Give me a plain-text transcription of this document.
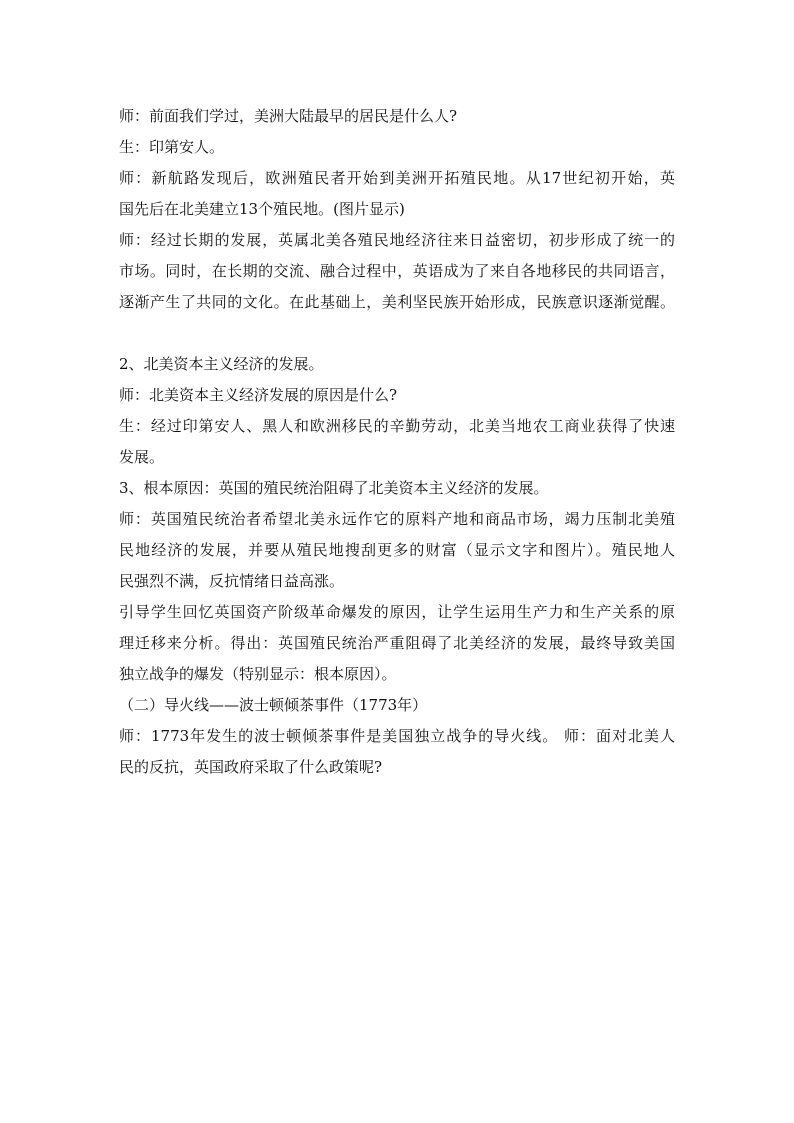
师：前面我们学过，美洲大陆最早的居民是什么人?

生：印第安人。

师：新航路发现后，欧洲殖民者开始到美洲开拓殖民地。从17世纪初开始，英

国先后在北美建立13个殖民地。(图片显示)

师：经过长期的发展，英属北美各殖民地经济往来日益密切，初步形成了统一的

市场。同时，在长期的交流、融合过程中，英语成为了来自各地移民的共同语言，

逐渐产生了共同的文化。在此基础上，美利坚民族开始形成，民族意识逐渐觉醒。

2、北美资本主义经济的发展。

师：北美资本主义经济发展的原因是什么?

生：经过印第安人、黑人和欧洲移民的辛勤劳动，北美当地农工商业获得了快速

发展。

3、根本原因：英国的殖民统治阻碍了北美资本主义经济的发展。

师：英国殖民统治者希望北美永远作它的原料产地和商品市场，竭力压制北美殖

民地经济的发展，并要从殖民地搜刮更多的财富（显示文字和图片）。殖民地人

民强烈不满，反抗情绪日益高涨。

引导学生回忆英国资产阶级革命爆发的原因，让学生运用生产力和生产关系的原

理迁移来分析。得出：英国殖民统治严重阻碍了北美经济的发展，最终导致美国

独立战争的爆发（特别显示：根本原因）。

（二）导火线——波士顿倾茶事件（1773年）

师：1773年发生的波士顿倾茶事件是美国独立战争的导火线。 师：面对北美人

民的反抗，英国政府采取了什么政策呢?
